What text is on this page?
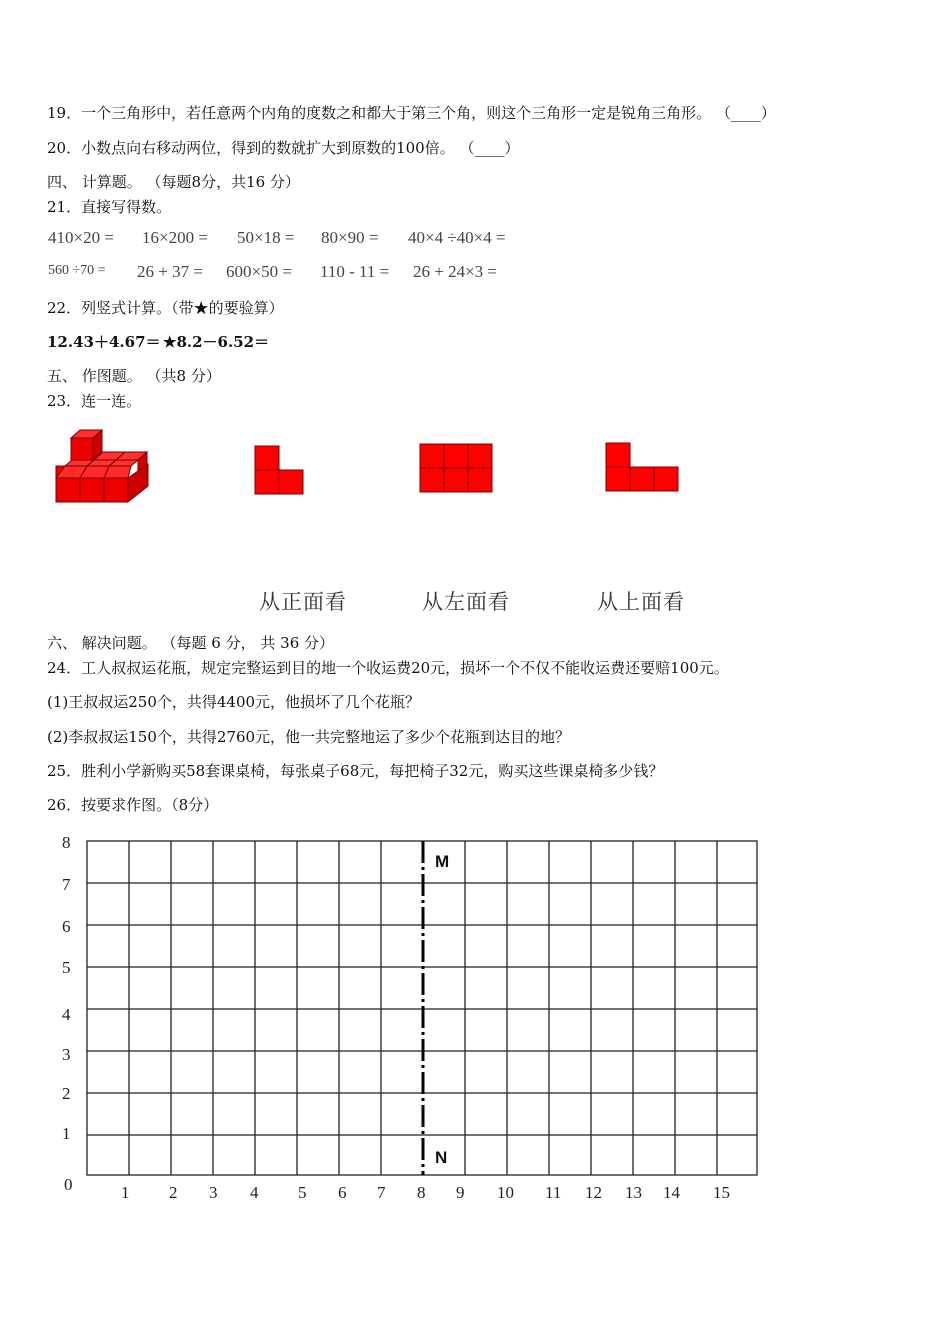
19．一个三角形中，若任意两个内角的度数之和都大于第三个角，则这个三角形一定是锐角三角形。 （____）
20．小数点向右移动两位，得到的数就扩大到原数的100倍。 （____）
四、 计算题。 （每题8分，共16 分）
21．直接写得数。
410×20 = 16×200 = 50×18 = 80×90 = 40×4 ÷40×4 =
560 ÷70 = 26 + 37 = 600×50 = 110 - 11 = 26 + 24×3 =
22．列竖式计算。（带★的要验算）
12.43＋4.67＝ ★8.2－6.52＝
五、 作图题。 （共8 分）
23．连一连。
从正面看	从左面看	从上面看
六、 解决问题。 （每题 6 分， 共 36 分）
24．工人叔叔运花瓶，规定完整运到目的地一个收运费20元，损坏一个不仅不能收运费还要赔100元。
(1)王叔叔运250个，共得4400元，他损坏了几个花瓶？
(2)李叔叔运150个，共得2760元，他一共完整地运了多少个花瓶到达目的地？
25．胜利小学新购买58套课桌椅，每张桌子68元，每把椅子32元，购买这些课桌椅多少钱？
26．按要求作图。（8分）
M
N
8
7
6
5
4
3
2
1
0	1 2 3 4 5 6 7 8 9 10 11 12 13 14 15
